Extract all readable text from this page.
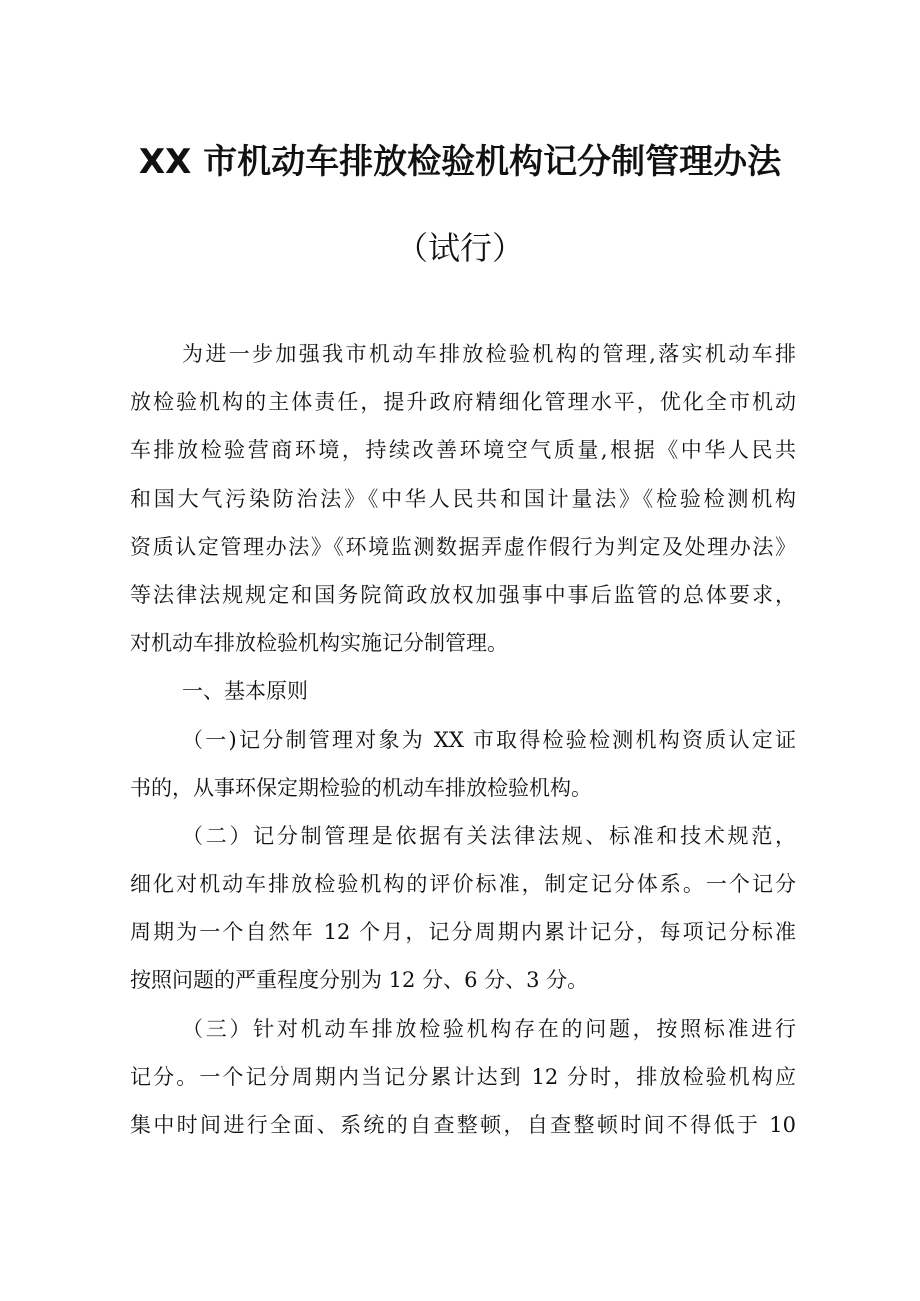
XX 市机动车排放检验机构记分制管理办法
（试行）
为进一步加强我市机动车排放检验机构的管理,落实机动车排
放检验机构的主体责任，提升政府精细化管理水平，优化全市机动
车排放检验营商环境，持续改善环境空气质量,根据《中华人民共
和国大气污染防治法》《中华人民共和国计量法》《检验检测机构
资质认定管理办法》《环境监测数据弄虚作假行为判定及处理办法》
等法律法规规定和国务院简政放权加强事中事后监管的总体要求，
对机动车排放检验机构实施记分制管理。
一、基本原则
（一)记分制管理对象为 XX 市取得检验检测机构资质认定证
书的，从事环保定期检验的机动车排放检验机构。
（二）记分制管理是依据有关法律法规、标准和技术规范，
细化对机动车排放检验机构的评价标准，制定记分体系。一个记分
周期为一个自然年 12 个月，记分周期内累计记分，每项记分标准
按照问题的严重程度分别为 12 分、6 分、3 分。
（三）针对机动车排放检验机构存在的问题，按照标准进行
记分。一个记分周期内当记分累计达到 12 分时，排放检验机构应
集中时间进行全面、系统的自查整顿，自查整顿时间不得低于 10
